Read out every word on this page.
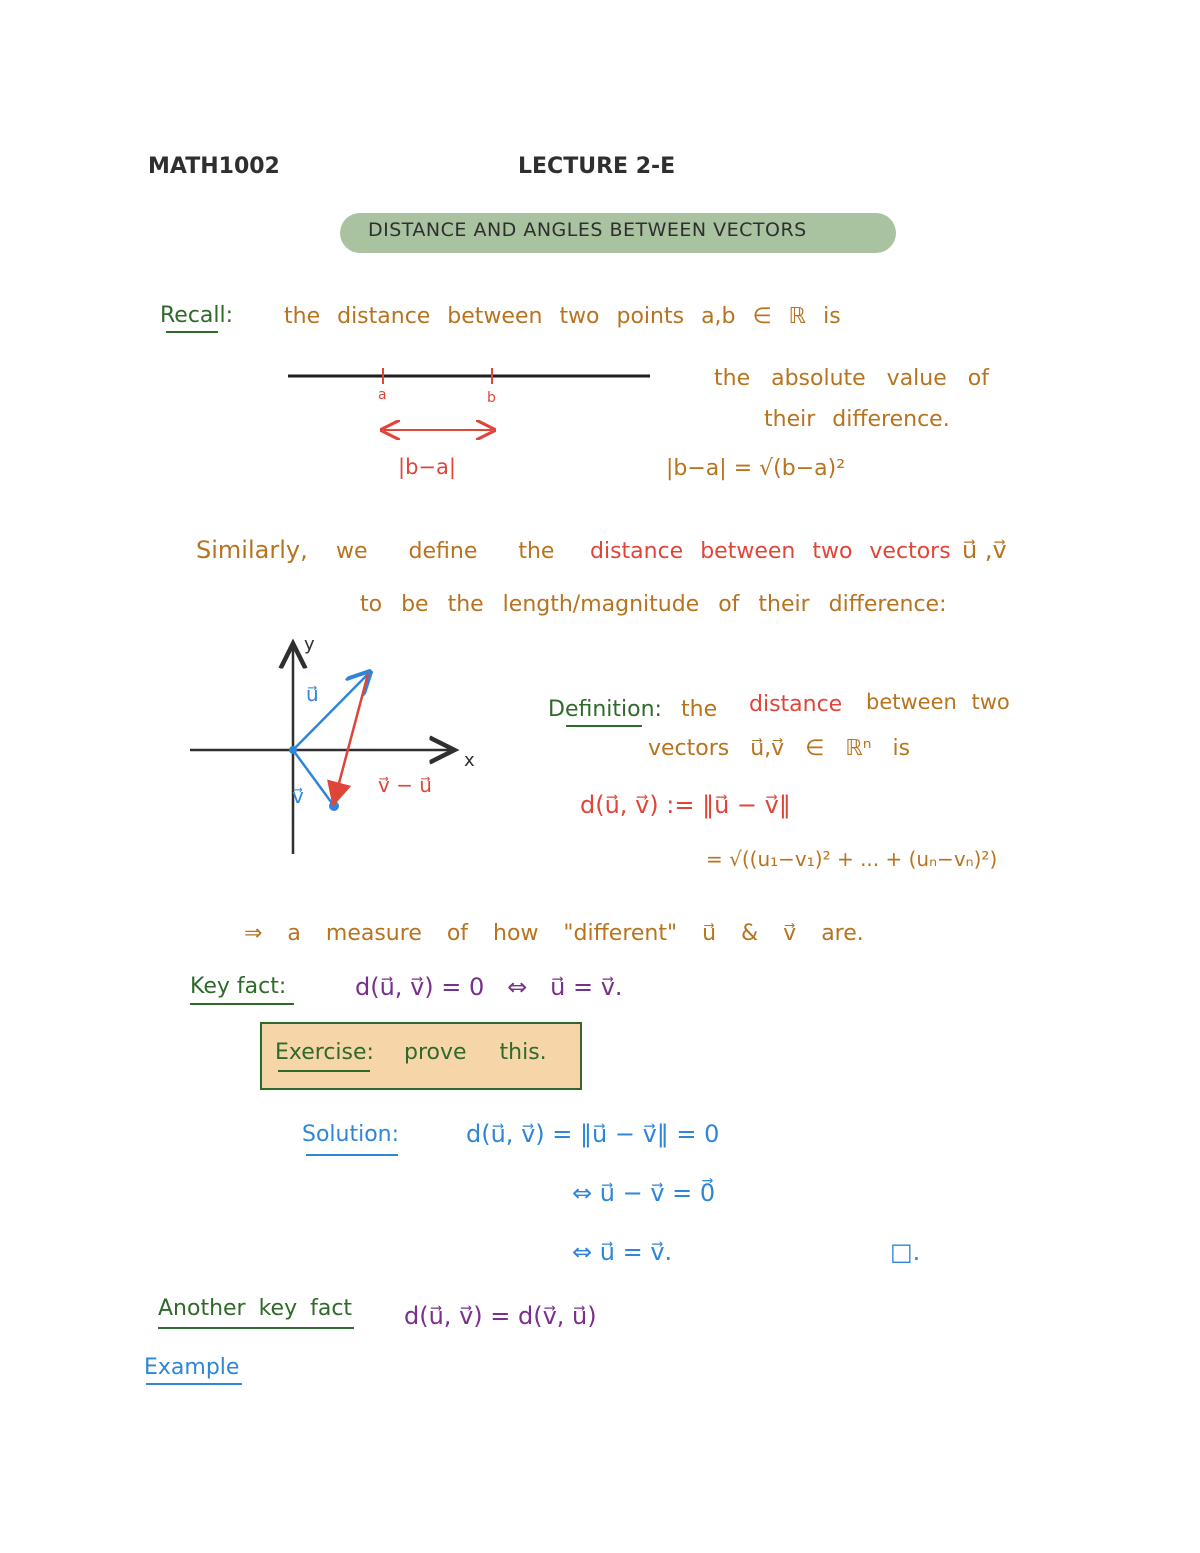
MATH1002	LECTURE 2-E
DISTANCE AND ANGLES BETWEEN VECTORS
Recall: the distance between two points a,b ∈ ℝ is
a	b
|b−a|
the absolute value of
their difference.
|b−a| = √(b−a)²
Similarly, we define the distance between two vectors u⃗ ,v⃗
to be the length/magnitude of their difference:
y
x
u⃗
v⃗	v⃗ − u⃗
Definition: the distance between two
vectors u⃗,v⃗ ∈ ℝⁿ is
d(u⃗, v⃗) := ‖u⃗ − v⃗‖
= √((u₁−v₁)² + ... + (uₙ−vₙ)²)
⇒ a measure of how "different" u⃗ & v⃗ are.
Key fact:	d(u⃗, v⃗) = 0   ⇔   u⃗ = v⃗.
Exercise: prove this.
Solution:	d(u⃗, v⃗) = ‖u⃗ − v⃗‖ = 0
⇔ u⃗ − v⃗ = 0⃗
⇔ u⃗ = v⃗.	□.
Another key fact d(u⃗, v⃗) = d(v⃗, u⃗)
Example
